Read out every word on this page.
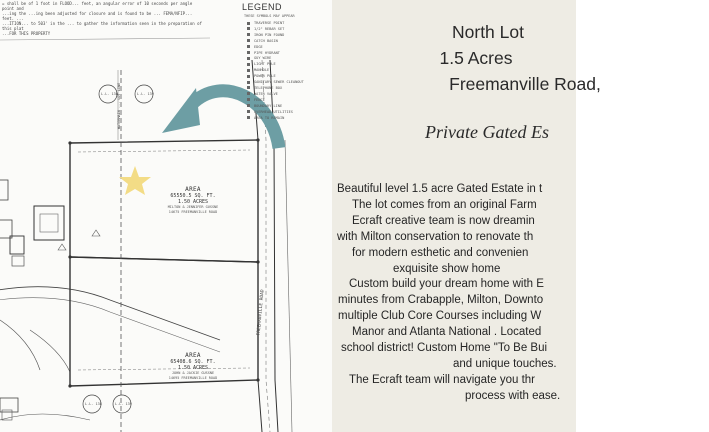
= shall be of 1 foot in FLOOD... feet, an angular error of 10 seconds per angle point and
...ing the ...ing been adjusted for closure and is found to be ... FEMA/NFIP... feet. ...
...ITION... to 503' in the ... to gather the information seen in the preparation of this plat
...FOR THIS PROPERTY
LEGEND
THESE SYMBOLS MAY APPEAR
TRAVERSE POINT
1/2" REBAR SET
IRON PIN FOUND
CATCH BASIN
EDGE
PIPE HYDRANT
GUY WIRE
LIGHT POLE
MANHOLE
POWER POLE
SANITARY SEWER CLEANOUT
TELEPHONE BOX
WATER VALVE
FENCE
BOUNDARY LINE
OVERHEAD UTILITIES
AREA TO REMAIN
AREA
65550.5 SQ. FT.
1.50 ACRES
MILTON & JENNIFER GUSSNE
14675 FREEMANVILLE ROAD
AREA
65408.6 SQ. FT.
1.50 ACRES
JOHN & JACKIE GUSSNE
14695 FREEMANVILLE ROAD
FREEMANVILLE ROAD
WATERMAIN ... LOT LINE
L.L. 138	L.L. 139
L.L. 138	L.L. 139
North Lot
1.5 Acres
Freemanville Road,
Private Gated Es
Beautiful level 1.5 acre Gated Estate in t
The lot comes from an original Farm
Ecraft creative team is now dreamin
with Milton conservation to renovate th
for modern esthetic and convenien
exquisite show home
Custom build your dream home with E
minutes from Crabapple, Milton, Downto
multiple Club Core Courses including W
Manor and Atlanta National . Located
school district! Custom Home "To Be Bui
and unique touches.
The Ecraft team will navigate you thr
process with ease.
